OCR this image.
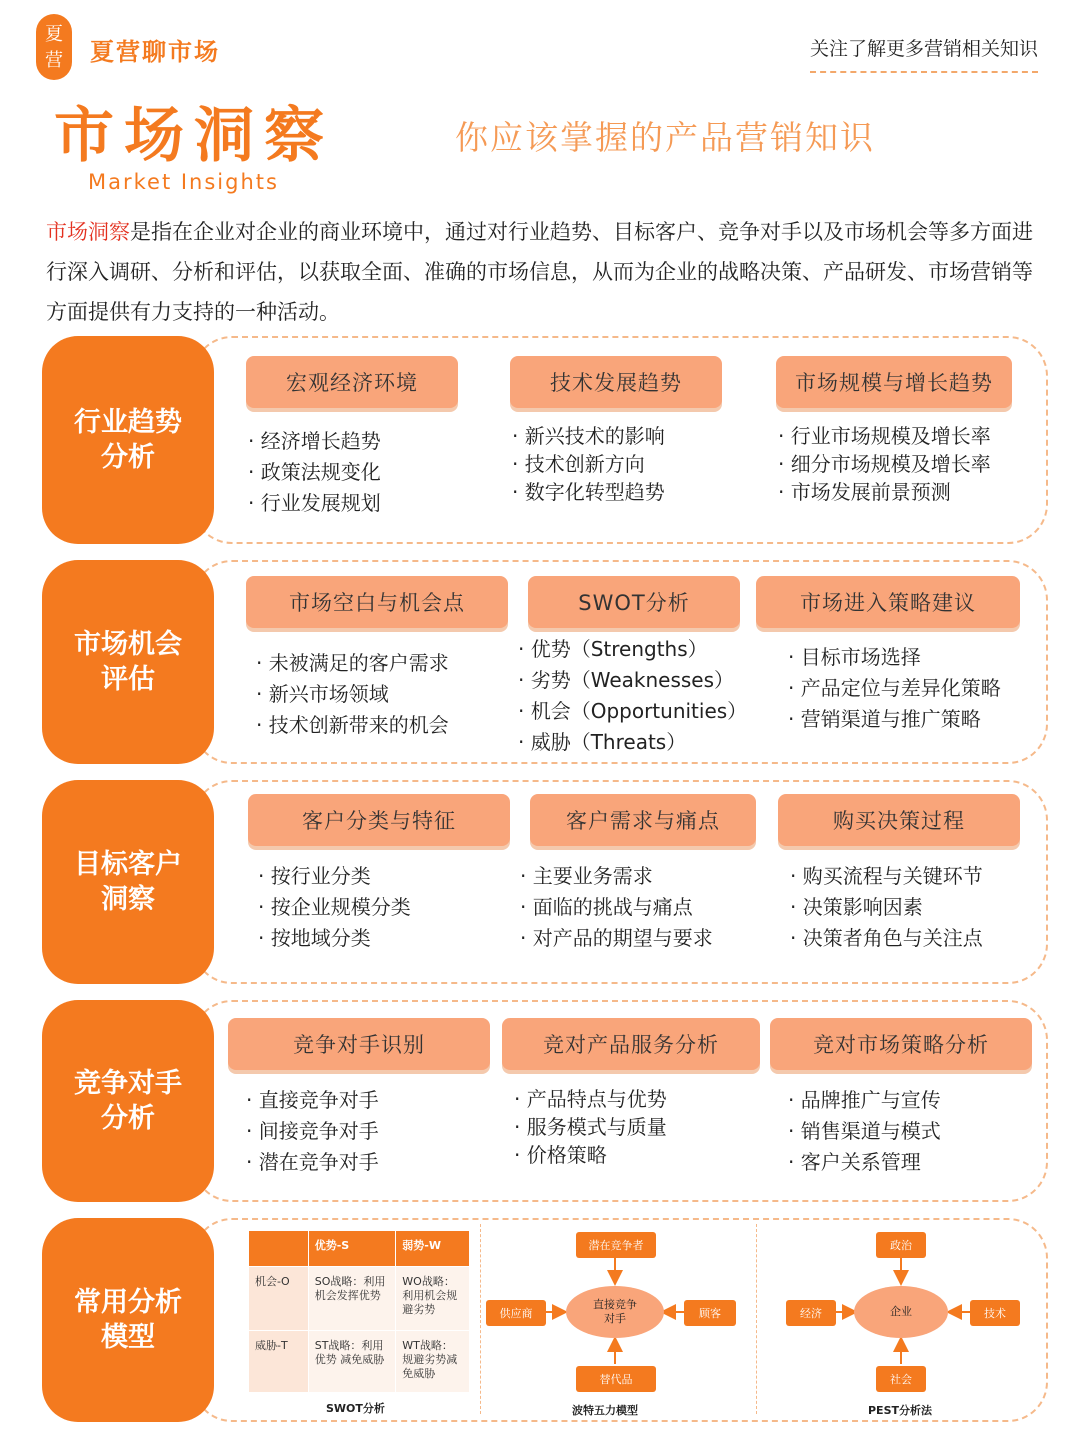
夏
营	夏营聊市场	关注了解更多营销相关知识
市场洞察
Market Insights
你应该掌握的产品营销知识

市场洞察是指在企业对企业的商业环境中，通过对行业趋势、目标客户、竞争对手以及市场机会等多方面进行深入调研、分析和评估，以获取全面、准确的市场信息，从而为企业的战略决策、产品研发、市场营销等方面提供有力支持的一种活动。

行业趋势
分析
宏观经济环境
· 经济增长趋势
· 政策法规变化
· 行业发展规划
技术发展趋势
· 新兴技术的影响
· 技术创新方向
· 数字化转型趋势
市场规模与增长趋势
· 行业市场规模及增长率
· 细分市场规模及增长率
· 市场发展前景预测
市场机会
评估
市场空白与机会点
· 未被满足的客户需求
· 新兴市场领域
· 技术创新带来的机会
SWOT分析
· 优势（Strengths）
· 劣势（Weaknesses）
· 机会（Opportunities）
· 威胁（Threats）
市场进入策略建议
· 目标市场选择
· 产品定位与差异化策略
· 营销渠道与推广策略
目标客户
洞察
客户分类与特征
· 按行业分类
· 按企业规模分类
· 按地域分类
客户需求与痛点
· 主要业务需求
· 面临的挑战与痛点
· 对产品的期望与要求
购买决策过程
· 购买流程与关键环节
· 决策影响因素
· 决策者角色与关注点
竞争对手
分析
竞争对手识别
· 直接竞争对手
· 间接竞争对手
· 潜在竞争对手
竞对产品服务分析
· 产品特点与优势
· 服务模式与质量
· 价格策略
竞对市场策略分析
· 品牌推广与宣传
· 销售渠道与模式
· 客户关系管理
常用分析
模型
	优势-S	弱势-W
机会-O	SO战略：利用机会发挥优势	WO战略：利用机会规避劣势
威胁-T	ST战略：利用优势 减免威胁	WT战略：规避劣势减免威胁
SWOT分析
潜在竞争者
供应商
直接竞争对手	顾客
替代品
波特五力模型
政治
经济	企业	技术
社会
PEST分析法
